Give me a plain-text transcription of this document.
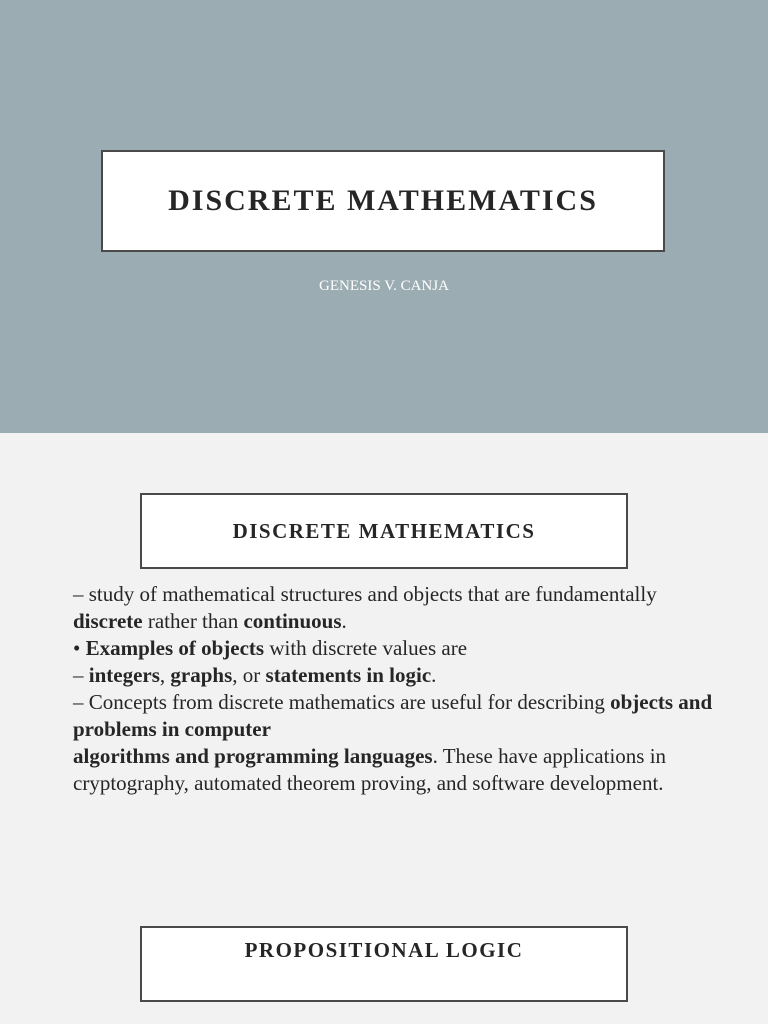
DISCRETE MATHEMATICS
GENESIS V. CANJA
DISCRETE MATHEMATICS

– study of mathematical structures and objects that are fundamentally

discrete rather than continuous.

• Examples of objects with discrete values are

– integers, graphs, or statements in logic.

– Concepts from discrete mathematics are useful for describing objects and problems in computer

algorithms and programming languages. These have applications in cryptography, automated theorem proving, and software development.

PROPOSITIONAL LOGIC
